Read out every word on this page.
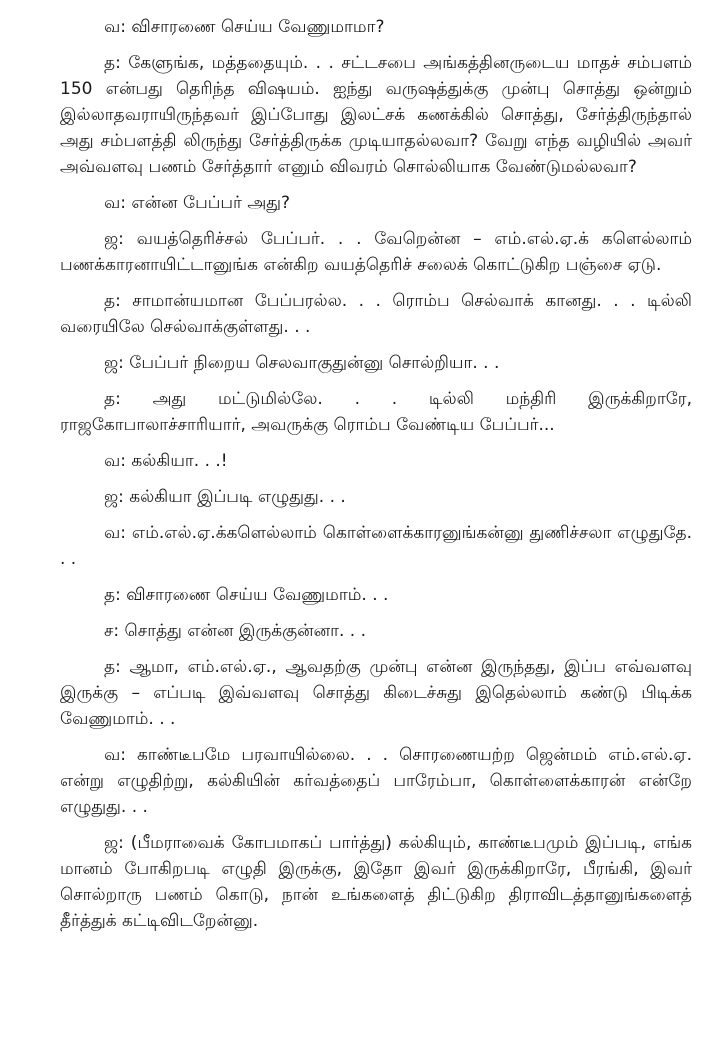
வ: விசாரணை செய்ய வேணுமாமா?

த: கேளுங்க, மத்ததையும். . . சட்டசபை அங்கத்தினருடைய மாதச் சம்பளம் 150 என்பது தெரிந்த விஷயம். ஐந்து வருஷத்துக்கு முன்பு சொத்து ஒன்றும் இல்லாதவராயிருந்தவர் இப்போது இலட்சக் கணக்கில் சொத்து, சேர்த்திருந்தால் அது சம்பளத்தி லிருந்து சேர்த்திருக்க முடியாதல்லவா? வேறு எந்த வழியில் அவர் அவ்வளவு பணம் சேர்த்தார் எனும் விவரம் சொல்லியாக வேண்டுமல்லவா?

வ: என்ன பேப்பர் அது?

ஜ: வயத்தெரிச்சல் பேப்பர். . . வேறென்ன – எம்.எல்.ஏ.க் களெல்லாம் பணக்காரனாயிட்டானுங்க என்கிற வயத்தெரிச் சலைக் கொட்டுகிற பஞ்சை ஏடு.

த: சாமான்யமான பேப்பரல்ல. . . ரொம்ப செல்வாக் கானது. . . டில்லி வரையிலே செல்வாக்குள்ளது. . .

ஜ: பேப்பர் நிறைய செலவாகுதுன்னு சொல்றியா. . .

த: அது மட்டுமில்லே. . . டில்லி மந்திரி இருக்கிறாரே, ராஜகோபாலாச்சாரியார், அவருக்கு ரொம்ப வேண்டிய பேப்பர்...

வ: கல்கியா. . .!

ஜ: கல்கியா இப்படி எழுதுது. . .

வ: எம்.எல்.ஏ.க்களெல்லாம் கொள்ளைக்காரனுங்கன்னு துணிச்சலா எழுதுதே. . .

த: விசாரணை செய்ய வேணுமாம். . .

ச: சொத்து என்ன இருக்குன்னா. . .

த: ஆமா, எம்.எல்.ஏ., ஆவதற்கு முன்பு என்ன இருந்தது, இப்ப எவ்வளவு இருக்கு – எப்படி இவ்வளவு சொத்து கிடைச்சுது இதெல்லாம் கண்டு பிடிக்க வேணுமாம். . .

வ: காண்டீபமே பரவாயில்லை. . . சொரணையற்ற ஜென்மம் எம்.எல்.ஏ. என்று எழுதிற்று, கல்கியின் கர்வத்தைப் பாரேம்பா, கொள்ளைக்காரன் என்றே எழுதுது. . .

ஜ: (பீமராவைக் கோபமாகப் பார்த்து) கல்கியும், காண்டீபமும் இப்படி, எங்க மானம் போகிறபடி எழுதி இருக்கு, இதோ இவர் இருக்கிறாரே, பீரங்கி, இவர் சொல்றாரு பணம் கொடு, நான் உங்களைத் திட்டுகிற திராவிடத்தானுங்களைத் தீர்த்துக் கட்டிவிடறேன்னு.
